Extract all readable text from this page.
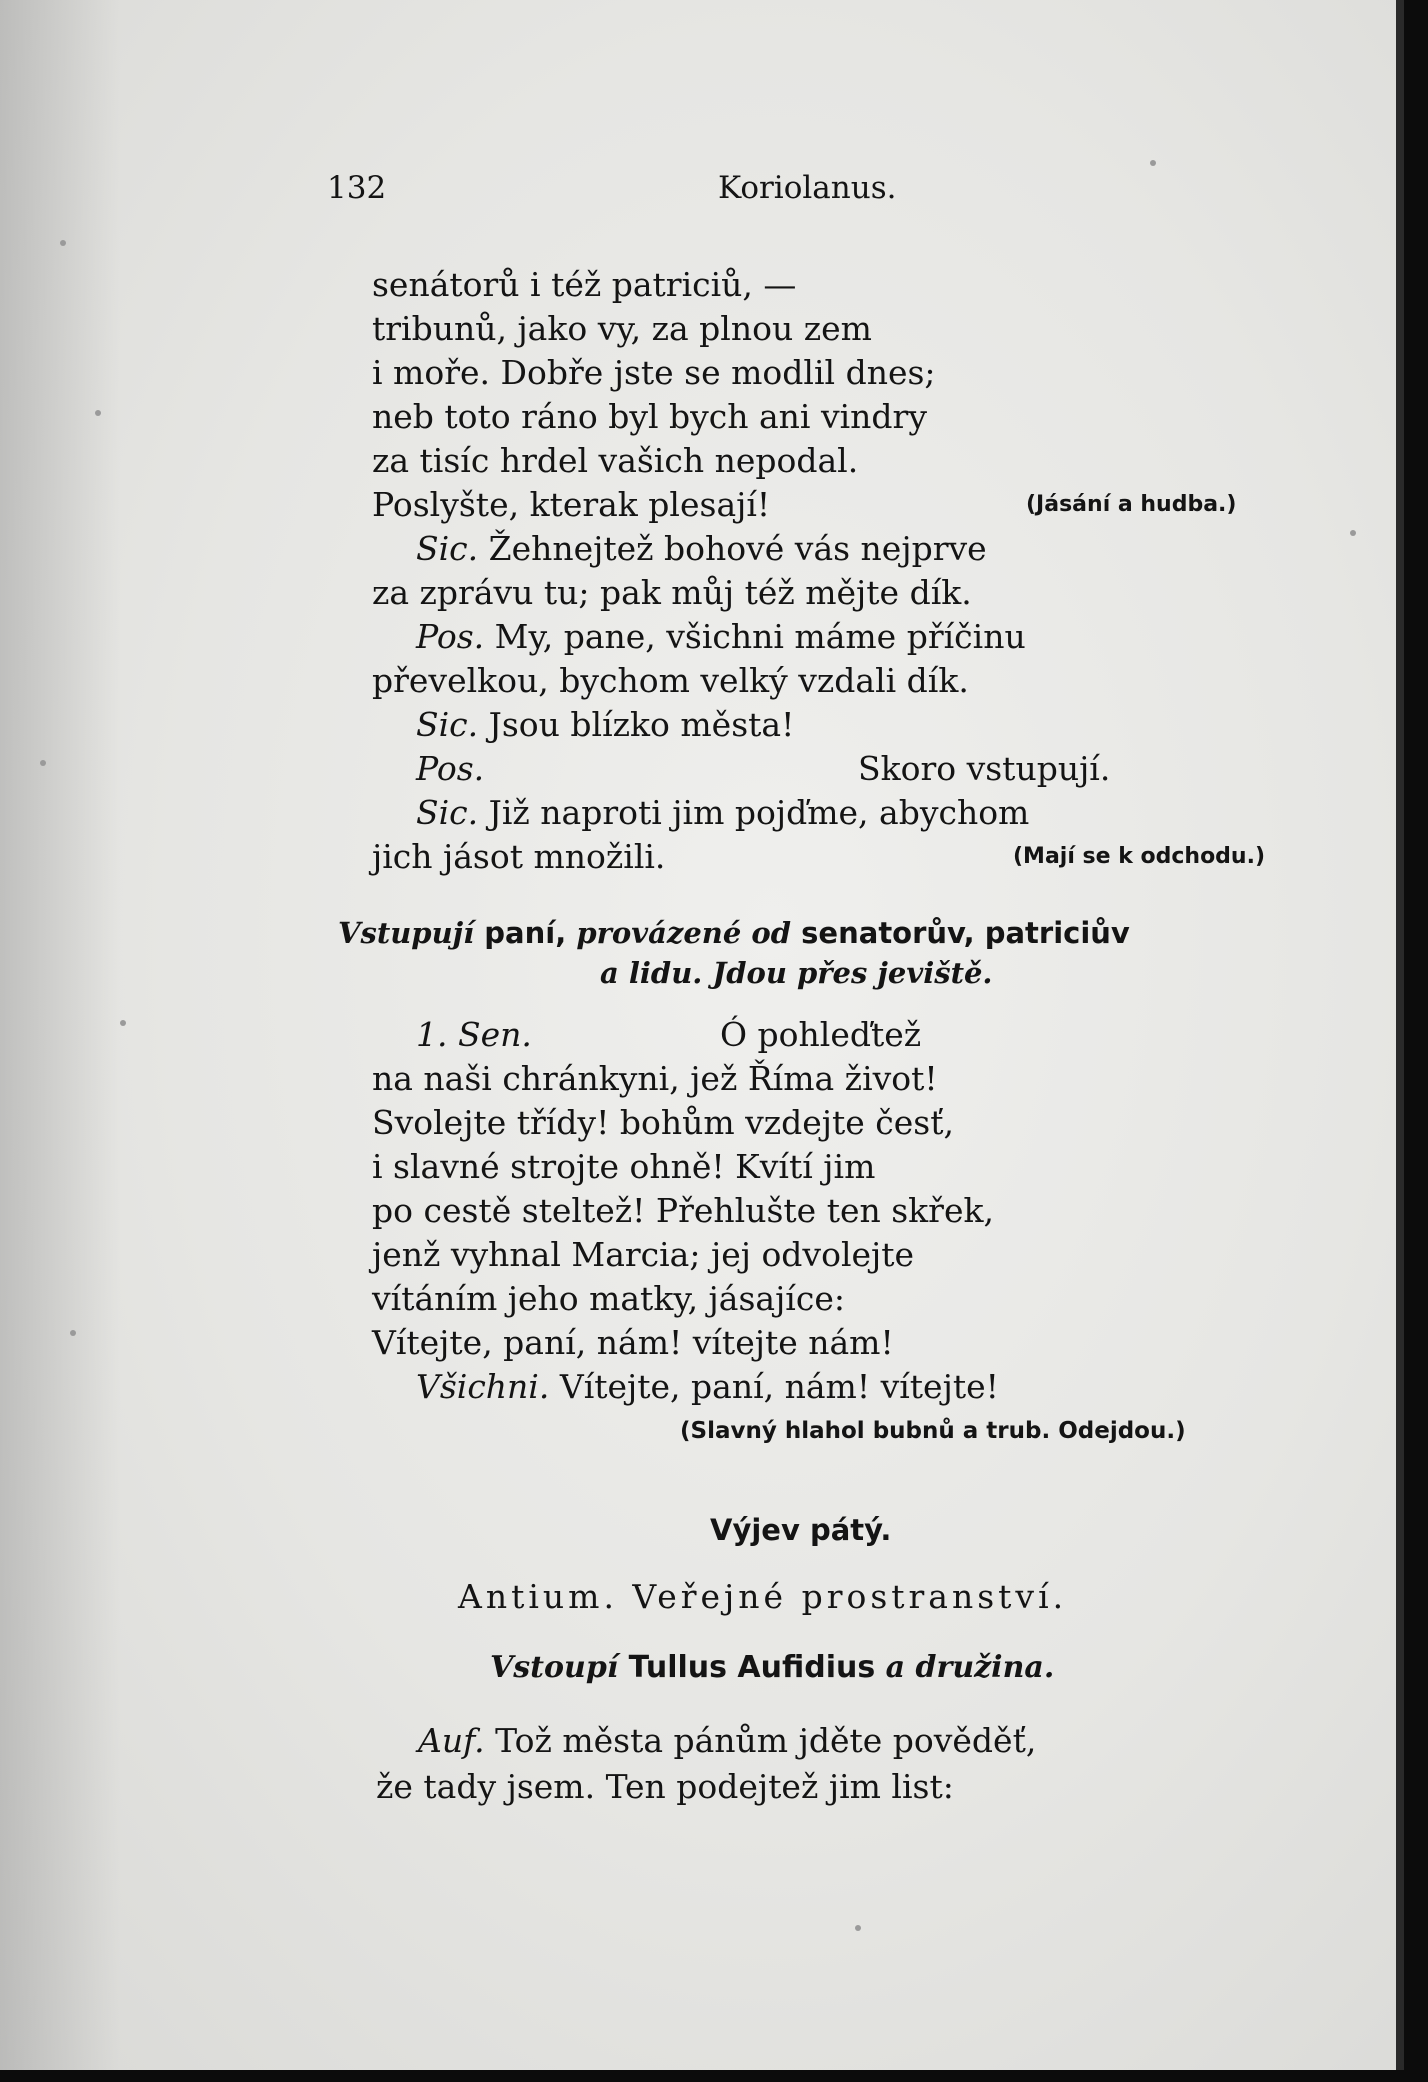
132	Koriolanus.
senátorů i též patriciů, —
tribunů, jako vy, za plnou zem
i moře. Dobře jste se modlil dnes;
neb toto ráno byl bych ani vindry
za tisíc hrdel vašich nepodal.
Poslyšte, kterak plesají!	(Jásání a hudba.)
Sic. Žehnejtež bohové vás nejprve
za zprávu tu; pak můj též mějte dík.
Pos. My, pane, všichni máme příčinu
převelkou, bychom velký vzdali dík.
Sic. Jsou blízko města!
Pos.	Skoro vstupují.
Sic. Již naproti jim pojďme, abychom
jich jásot množili.	(Mají se k odchodu.)
Vstupují paní, provázené od senatorův, patriciův
a lidu. Jdou přes jeviště.
1. Sen.	Ó pohleďtež
na naši chránkyni, jež Říma život!
Svolejte třídy! bohům vzdejte česť,
i slavné strojte ohně! Kvítí jim
po cestě steltež! Přehlušte ten skřek,
jenž vyhnal Marcia; jej odvolejte
vítáním jeho matky, jásajíce:
Vítejte, paní, nám! vítejte nám!
Všichni. Vítejte, paní, nám! vítejte!
(Slavný hlahol bubnů a trub. Odejdou.)
Výjev pátý.
Antium. Veřejné prostranství.
Vstoupí Tullus Aufidius a družina.
Auf. Tož města pánům jděte pověděť,
že tady jsem. Ten podejtež jim list:
